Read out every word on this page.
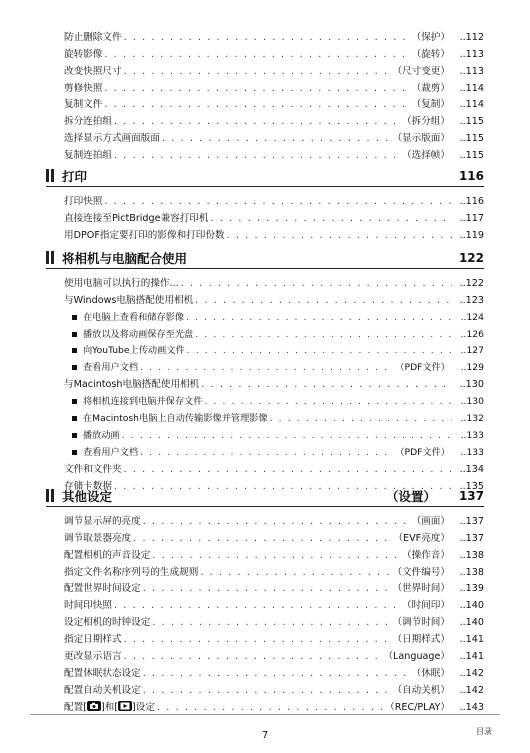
防止删除文件 . . .	（保护） ..112
旋转影像 . . .	（旋转） ..113
改变快照尺寸 . . .	（尺寸变更） ..113
剪修快照 . . .	（裁剪） ..114
复制文件 . . .	（复制） ..114
拆分连拍组 . . .	（拆分组） ..115
选择显示方式画面版面 . . .	（显示版面） ..115
复制连拍组 . . .	（选择帧） ..115
打印	116
打印快照 . . .	..116
直接连接至PictBridge兼容打印机 . . .	..117
用DPOF指定要打印的影像和打印份数 . . .	..119
将相机与电脑配合使用	122
使用电脑可以执行的操作... . . .	..122
与Windows电脑搭配使用相机 . . .	..123
在电脑上查看和储存影像 . . .	..124
播放以及将动画保存至光盘 . . .	..126
向YouTube上传动画文件 . . .	..127
查看用户文档 . . .	（PDF文件）	..129
与Macintosh电脑搭配使用相机 . . .	..130
将相机连接到电脑并保存文件 . . .	..130
在Macintosh电脑上自动传输影像并管理影像 . . .	..132
播放动画 . . .	..133
查看用户文档 . . .	（PDF文件）	..133
文件和文件夹 . . .	..134
存储卡数据 . . .	..135
其他设定	（设置）	137
调节显示屏的亮度 . . .	（画面） ..137
调节取景器亮度 . . .	（EVF亮度） ..137
配置相机的声音设定 . . .	（操作音） ..138
指定文件名称序列号的生成规则 . . .	（文件编号） ..138
配置世界时间设定 . . .	（世界时间） ..139
时间印快照 . . .	（时间印） ..140
设定相机的时钟设定 . . .	（调节时间） ..140
指定日期样式 . . .	（日期样式） ..141
更改显示语言 . . .	（Language） ..141
配置休眠状态设定 . . .	（休眠） ..142
配置自动关机设定 . . .	（自动关机） ..142
配置[ ]和[ ]设定 . . .	（REC/PLAY） ..143
7	目录
